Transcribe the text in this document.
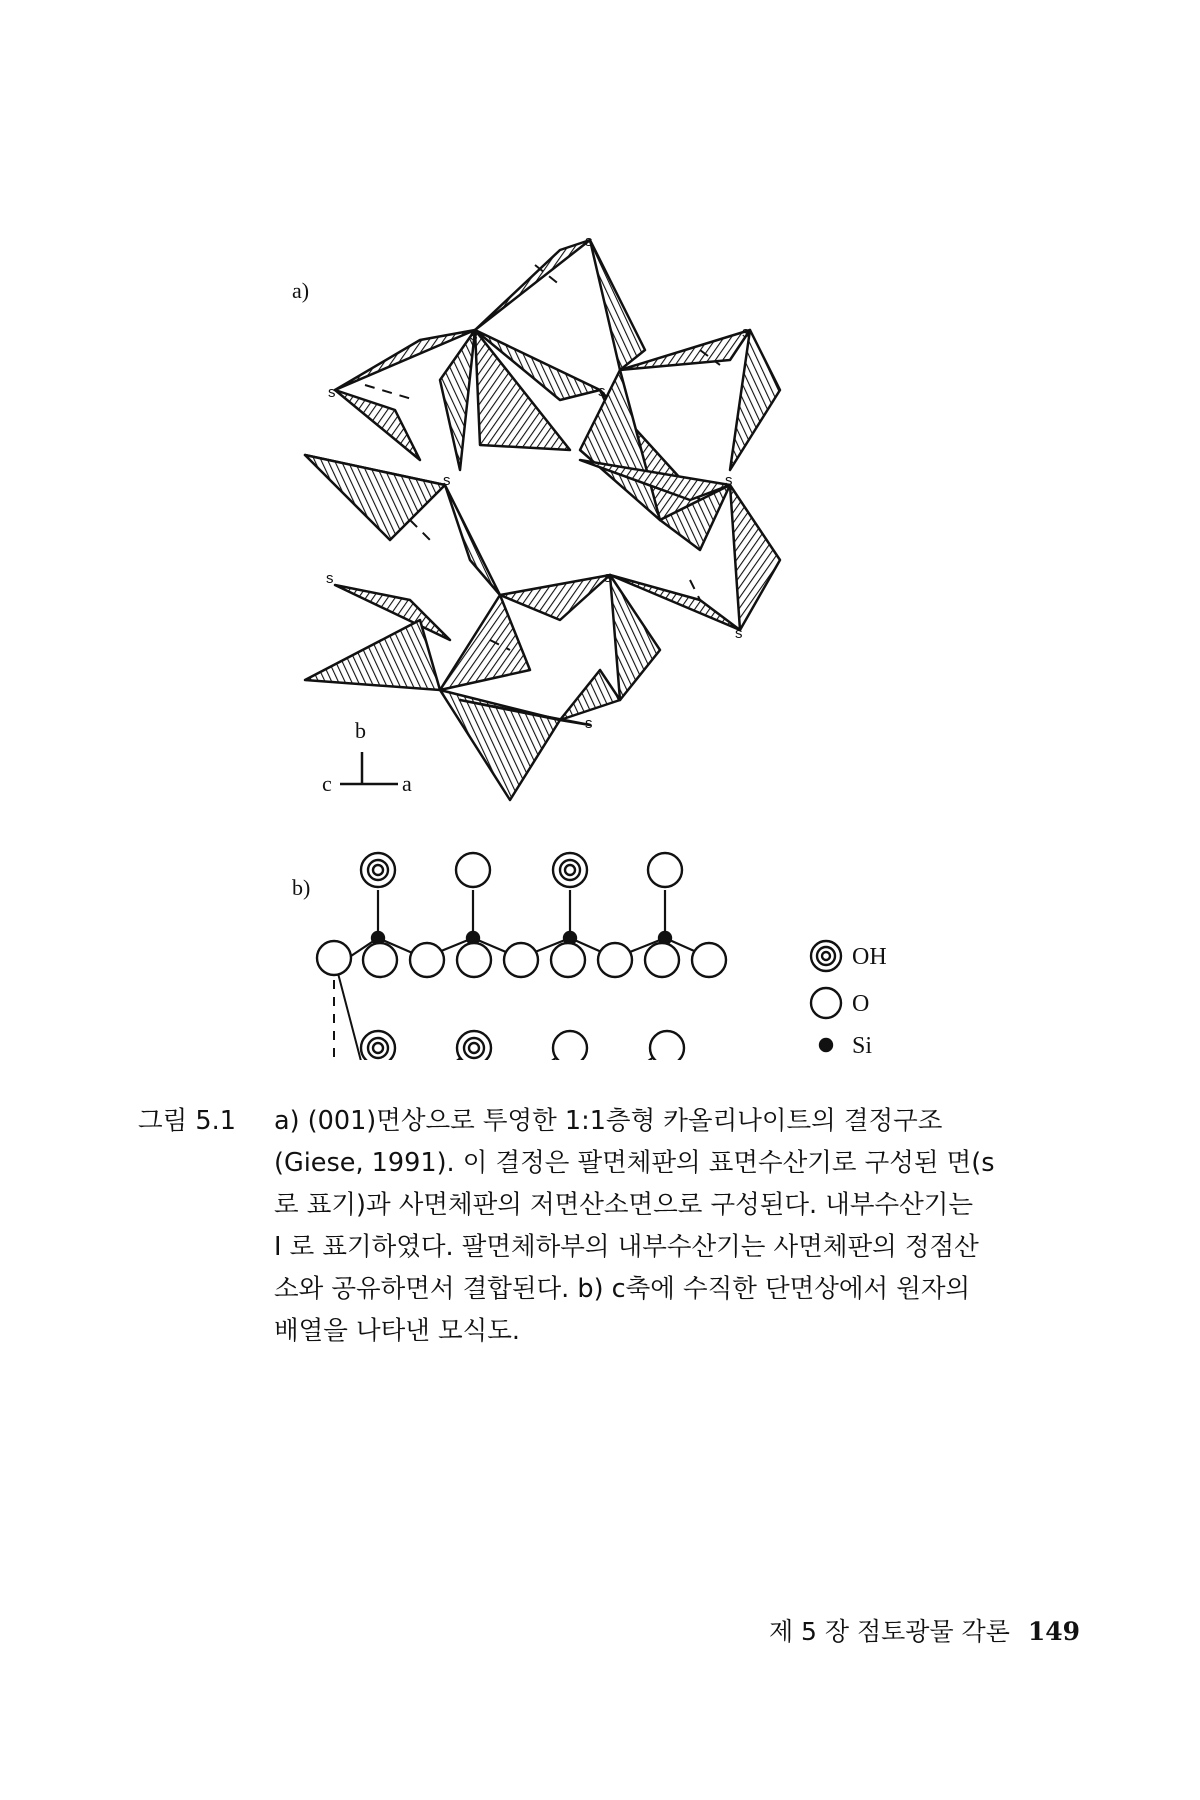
a)
s
s	s
s	s
s	s
s	s
s
s
b
c	a
b)
OH
O
Si
그림 5.1	a) (001)면상으로 투영한 1:1층형 카올리나이트의 결정구조
(Giese, 1991). 이 결정은 팔면체판의 표면수산기로 구성된 면(s
로 표기)과 사면체판의 저면산소면으로 구성된다. 내부수산기는
I 로 표기하였다. 팔면체하부의 내부수산기는 사면체판의 정점산
소와 공유하면서 결합된다. b) c축에 수직한 단면상에서 원자의
배열을 나타낸 모식도.
제 5 장 점토광물 각론 149
